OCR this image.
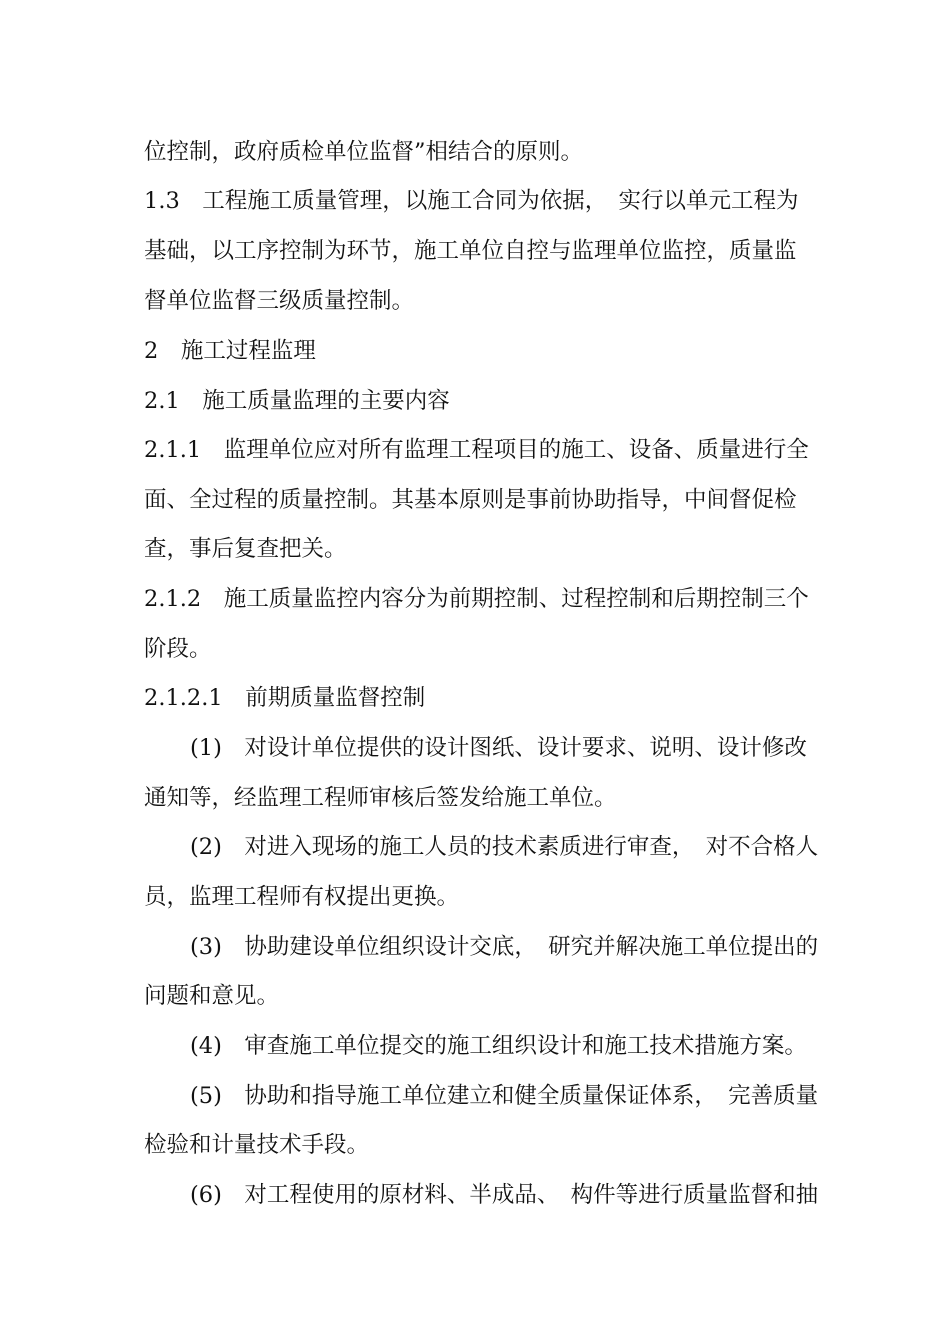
位控制，政府质检单位监督”相结合的原则。
1.3　工程施工质量管理，以施工合同为依据，　实行以单元工程为
基础，以工序控制为环节，施工单位自控与监理单位监控，质量监
督单位监督三级质量控制。
2　施工过程监理
2.1　施工质量监理的主要内容
2.1.1　监理单位应对所有监理工程项目的施工、设备、质量进行全
面、全过程的质量控制。其基本原则是事前协助指导，中间督促检
查，事后复查把关。
2.1.2　施工质量监控内容分为前期控制、过程控制和后期控制三个
阶段。
2.1.2.1　前期质量监督控制
(1)　对设计单位提供的设计图纸、设计要求、说明、设计修改
通知等，经监理工程师审核后签发给施工单位。
(2)　对进入现场的施工人员的技术素质进行审查，　对不合格人
员，监理工程师有权提出更换。
(3)　协助建设单位组织设计交底，　研究并解决施工单位提出的
问题和意见。
(4)　审查施工单位提交的施工组织设计和施工技术措施方案。
(5)　协助和指导施工单位建立和健全质量保证体系，　完善质量
检验和计量技术手段。
(6)　对工程使用的原材料、半成品、　构件等进行质量监督和抽
